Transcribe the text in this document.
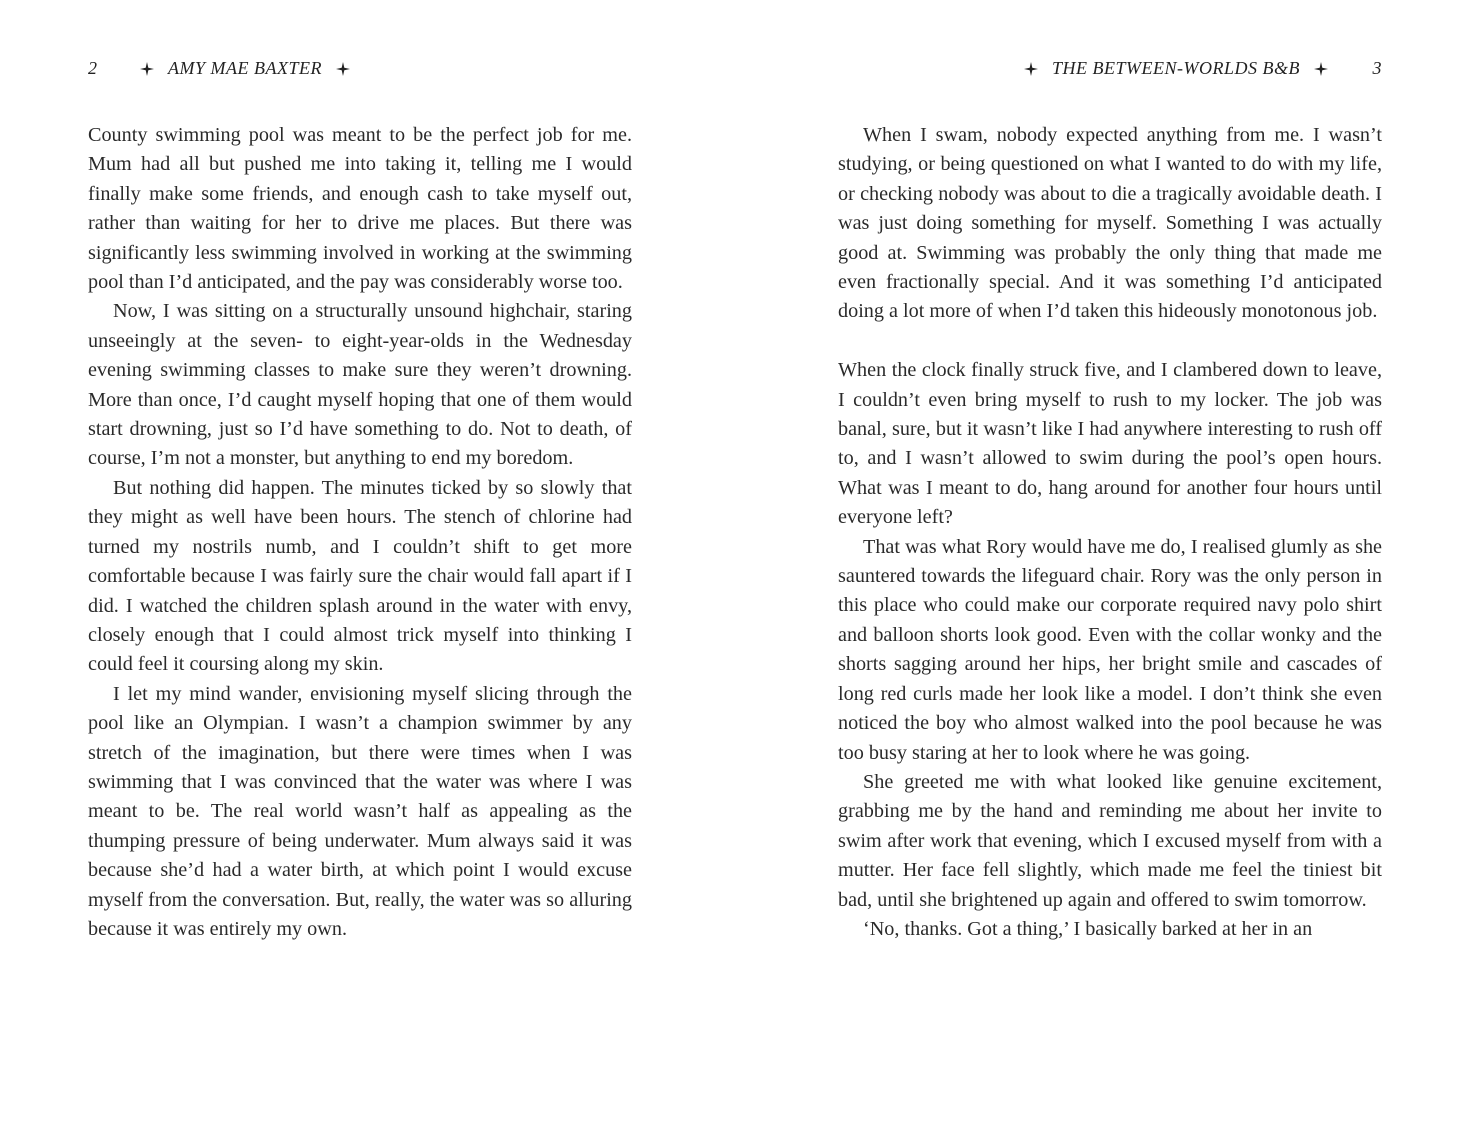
2	AMY MAE BAXTER

County swimming pool was meant to be the perfect job for me. Mum had all but pushed me into taking it, telling me I would finally make some friends, and enough cash to take myself out, rather than waiting for her to drive me places. But there was significantly less swimming involved in working at the swimming pool than I’d anticipated, and the pay was considerably worse too.

Now, I was sitting on a structurally unsound highchair, staring unseeingly at the seven- to eight-year-olds in the Wednesday evening swimming classes to make sure they weren’t drowning. More than once, I’d caught myself hoping that one of them would start drowning, just so I’d have something to do. Not to death, of course, I’m not a monster, but anything to end my boredom.

But nothing did happen. The minutes ticked by so slowly that they might as well have been hours. The stench of chlorine had turned my nostrils numb, and I couldn’t shift to get more comfortable because I was fairly sure the chair would fall apart if I did. I watched the children splash around in the water with envy, closely enough that I could almost trick myself into thinking I could feel it coursing along my skin.

I let my mind wander, envisioning myself slicing through the pool like an Olympian. I wasn’t a champion swimmer by any stretch of the imagination, but there were times when I was swimming that I was convinced that the water was where I was meant to be. The real world wasn’t half as appealing as the thumping pressure of being underwater. Mum always said it was because she’d had a water birth, at which point I would excuse myself from the conversation. But, really, the water was so alluring because it was entirely my own.

THE BETWEEN-WORLDS B&B	3

When I swam, nobody expected anything from me. I wasn’t studying, or being questioned on what I wanted to do with my life, or checking nobody was about to die a tragically avoidable death. I was just doing something for myself. Something I was actually good at. Swimming was probably the only thing that made me even fractionally special. And it was something I’d anticipated doing a lot more of when I’d taken this hideously monotonous job.

When the clock finally struck five, and I clambered down to leave, I couldn’t even bring myself to rush to my locker. The job was banal, sure, but it wasn’t like I had anywhere interesting to rush off to, and I wasn’t allowed to swim during the pool’s open hours. What was I meant to do, hang around for another four hours until everyone left?

That was what Rory would have me do, I realised glumly as she sauntered towards the lifeguard chair. Rory was the only person in this place who could make our corporate required navy polo shirt and balloon shorts look good. Even with the collar wonky and the shorts sagging around her hips, her bright smile and cascades of long red curls made her look like a model. I don’t think she even noticed the boy who almost walked into the pool because he was too busy staring at her to look where he was going.

She greeted me with what looked like genuine excitement, grabbing me by the hand and reminding me about her invite to swim after work that evening, which I excused myself from with a mutter. Her face fell slightly, which made me feel the tiniest bit bad, until she brightened up again and offered to swim tomorrow.

‘No, thanks. Got a thing,’ I basically barked at her in an
